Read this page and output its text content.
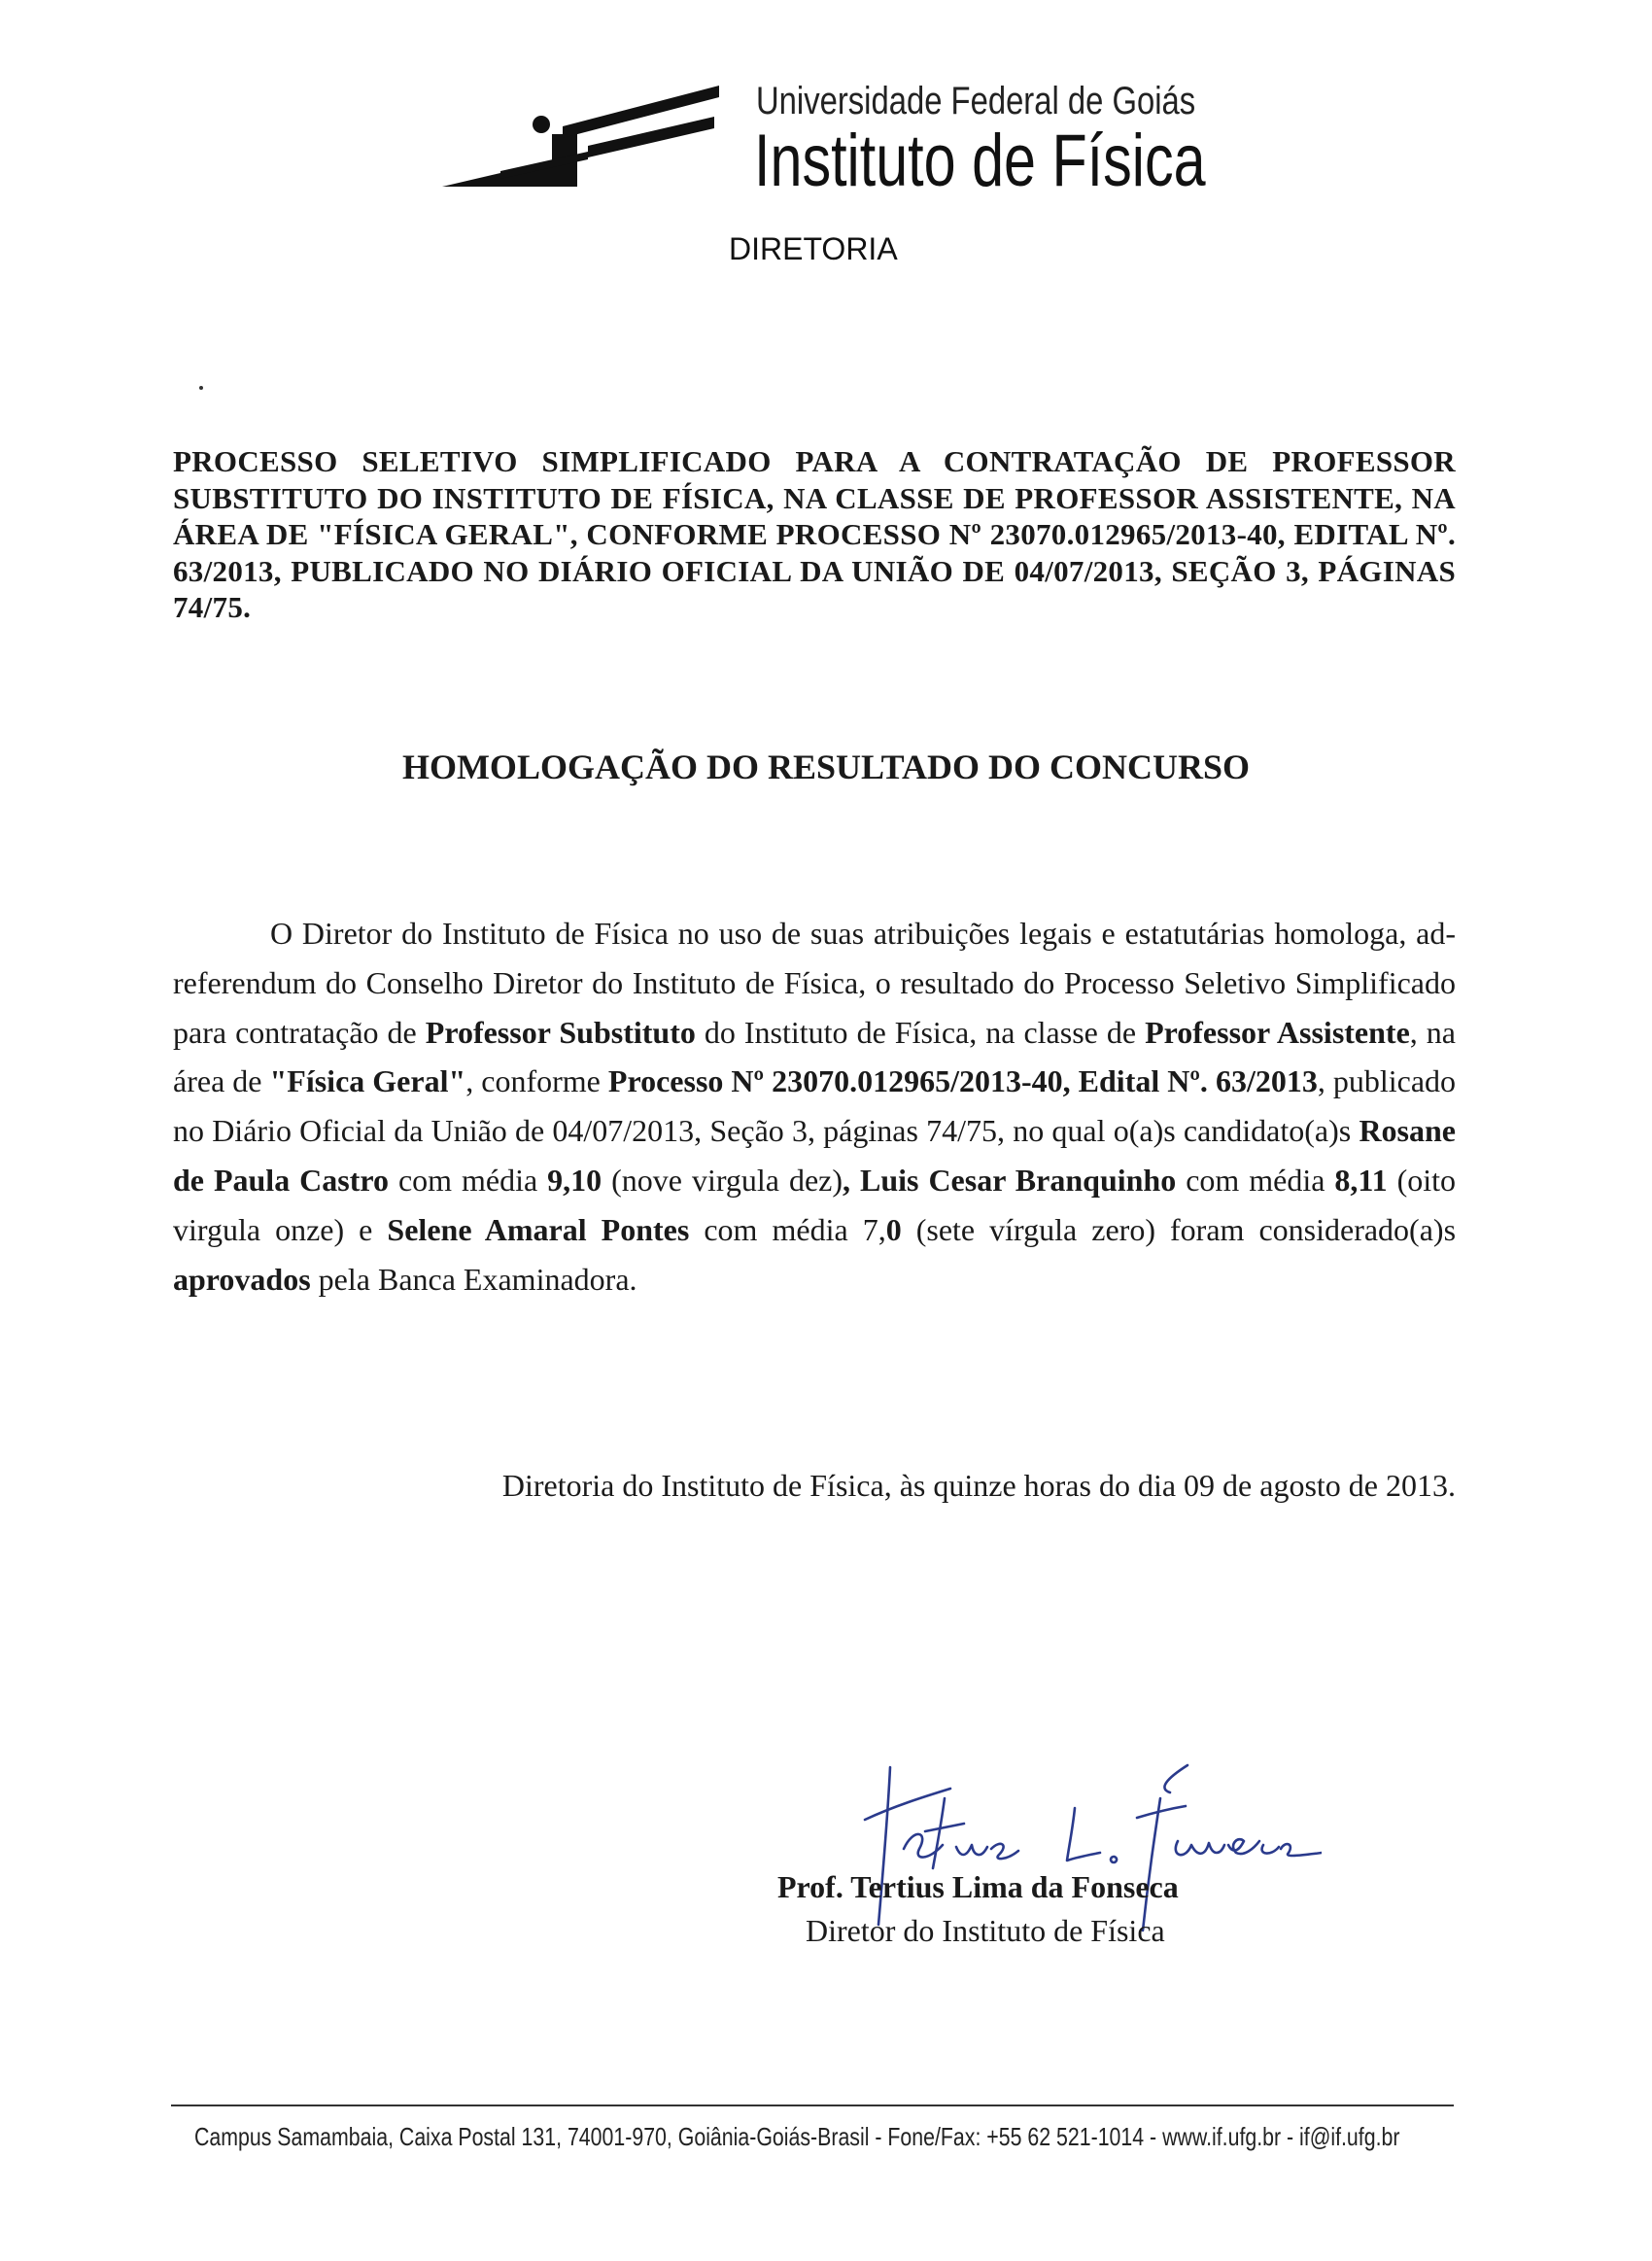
Universidade Federal de Goiás
Instituto de Física
DIRETORIA
PROCESSO SELETIVO SIMPLIFICADO PARA A CONTRATAÇÃO DE PROFESSOR SUBSTITUTO DO INSTITUTO DE FÍSICA, NA CLASSE DE PROFESSOR ASSISTENTE, NA ÁREA DE "FÍSICA GERAL", CONFORME PROCESSO Nº 23070.012965/2013-40, EDITAL Nº. 63/2013, PUBLICADO NO DIÁRIO OFICIAL DA UNIÃO DE 04/07/2013, SEÇÃO 3, PÁGINAS 74/75.
HOMOLOGAÇÃO DO RESULTADO DO CONCURSO
O Diretor do Instituto de Física no uso de suas atribuições legais e estatutárias homologa, ad-referendum do Conselho Diretor do Instituto de Física, o resultado do Processo Seletivo Simplificado para contratação de Professor Substituto do Instituto de Física, na classe de Professor Assistente, na área de "Física Geral", conforme Processo Nº 23070.012965/2013-40, Edital Nº. 63/2013, publicado no Diário Oficial da União de 04/07/2013, Seção 3, páginas 74/75, no qual o(a)s candidato(a)s Rosane de Paula Castro com média 9,10 (nove virgula dez), Luis Cesar Branquinho com média 8,11 (oito virgula onze) e Selene Amaral Pontes com média 7,0 (sete vírgula zero) foram considerado(a)s aprovados pela Banca Examinadora.
Diretoria do Instituto de Física, às quinze horas do dia 09 de agosto de 2013.
Prof. Tertius Lima da Fonseca
Diretor do Instituto de Física
Campus Samambaia, Caixa Postal 131, 74001-970, Goiânia-Goiás-Brasil - Fone/Fax: +55 62 521-1014 - www.if.ufg.br - if@if.ufg.br
